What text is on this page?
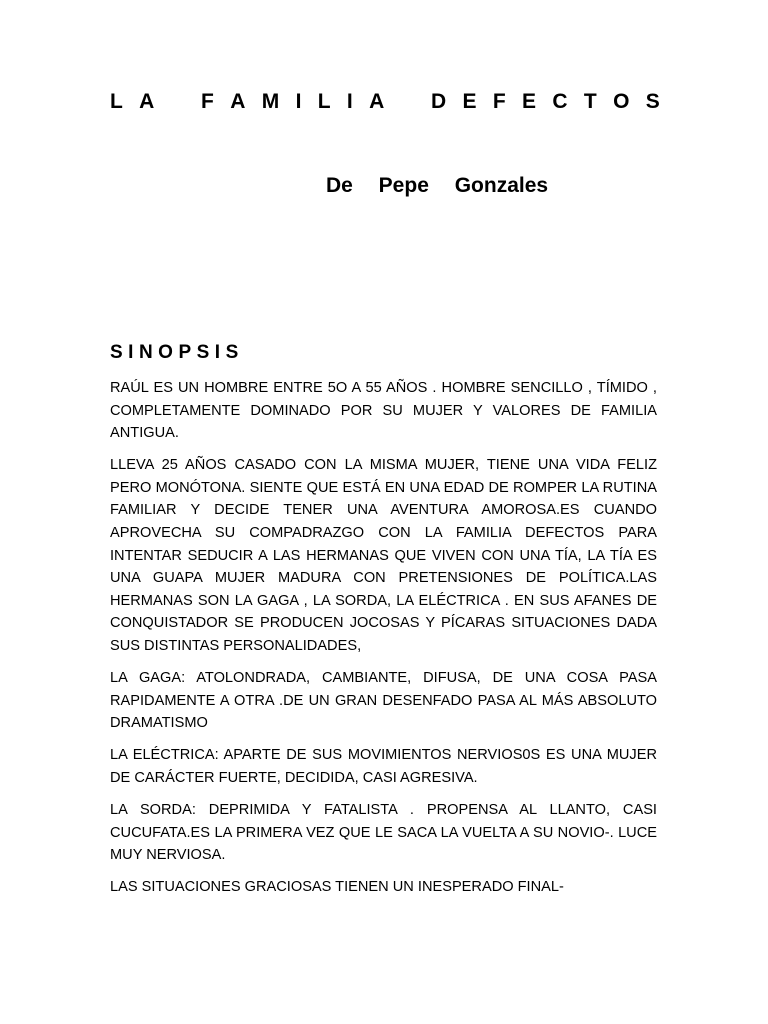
L A F A M I L I A D E F E C T O S

De Pepe Gonzales

SINOPSIS

RAÚL ES UN HOMBRE ENTRE 5O A 55 AÑOS . HOMBRE SENCILLO , TÍMIDO , COMPLETAMENTE DOMINADO POR SU MUJER Y VALORES DE FAMILIA ANTIGUA.

LLEVA 25 AÑOS CASADO CON LA MISMA MUJER, TIENE UNA VIDA FELIZ PERO MONÓTONA. SIENTE QUE ESTÁ EN UNA EDAD DE ROMPER LA RUTINA FAMILIAR Y DECIDE TENER UNA AVENTURA AMOROSA.ES CUANDO APROVECHA SU COMPADRAZGO CON LA FAMILIA DEFECTOS PARA INTENTAR SEDUCIR A LAS HERMANAS QUE VIVEN CON UNA TÍA, LA TÍA ES UNA GUAPA MUJER MADURA CON PRETENSIONES DE POLÍTICA.LAS HERMANAS SON LA GAGA , LA SORDA, LA ELÉCTRICA . EN SUS AFANES DE CONQUISTADOR SE PRODUCEN JOCOSAS Y PÍCARAS SITUACIONES DADA SUS DISTINTAS PERSONALIDADES,

LA GAGA: ATOLONDRADA, CAMBIANTE, DIFUSA, DE UNA COSA PASA RAPIDAMENTE A OTRA .DE UN GRAN DESENFADO PASA AL MÁS ABSOLUTO DRAMATISMO

LA ELÉCTRICA: APARTE DE SUS MOVIMIENTOS NERVIOS0S ES UNA MUJER DE CARÁCTER FUERTE, DECIDIDA, CASI AGRESIVA.

LA SORDA: DEPRIMIDA Y FATALISTA . PROPENSA AL LLANTO, CASI CUCUFATA.ES LA PRIMERA VEZ QUE LE SACA LA VUELTA A SU NOVIO-. LUCE MUY NERVIOSA.

LAS SITUACIONES GRACIOSAS TIENEN UN INESPERADO FINAL-
